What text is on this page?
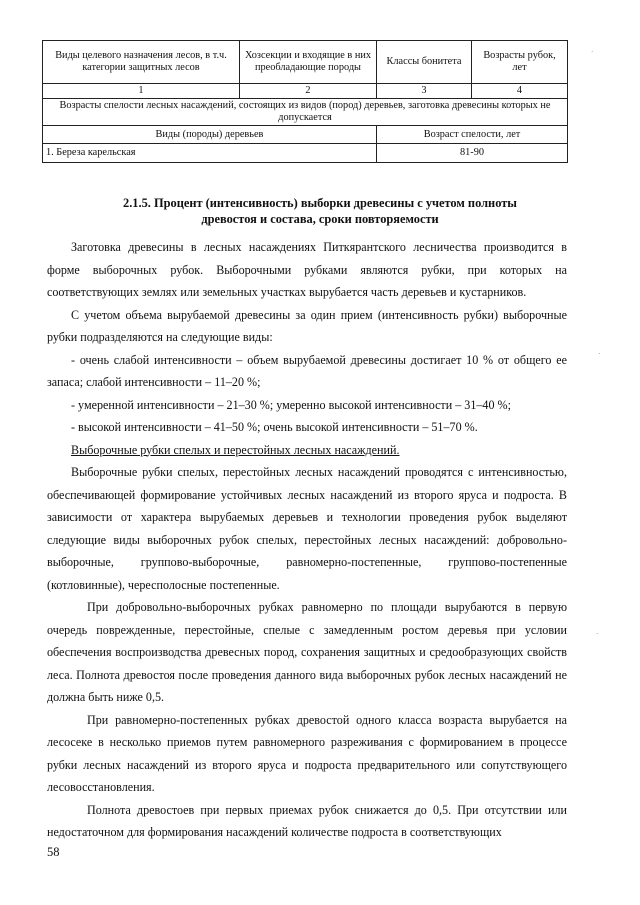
Виды целевого назначения лесов, в т.ч. категории защитных лесов	Хозсекции и входящие в них преобладающие породы	Классы бонитета	Возрасты рубок, лет
1	2	3	4
Возрасты спелости лесных насаждений, состоящих из видов (пород) деревьев, заготовка древесины которых не допускается			
Виды (породы) деревьев		Возраст спелости, лет	
1. Береза карельская		81-90	
2.1.5. Процент (интенсивность) выборки древесины с учетом полноты
древостоя и состава, сроки повторяемости

Заготовка древесины в лесных насаждениях Питкярантского лесничества производится в форме выборочных рубок. Выборочными рубками являются рубки, при которых на соответствующих землях или земельных участках вырубается часть деревьев и кустарников.

С учетом объема вырубаемой древесины за один прием (интенсивность рубки) выборочные рубки подразделяются на следующие виды:

- очень слабой интенсивности – объем вырубаемой древесины достигает 10 % от общего ее запаса; слабой интенсивности – 11–20 %;

- умеренной интенсивности – 21–30 %; умеренно высокой интенсивности – 31–40 %;

- высокой интенсивности – 41–50 %; очень высокой интенсивности – 51–70 %.

Выборочные рубки спелых и перестойных лесных насаждений.

Выборочные рубки спелых, перестойных лесных насаждений проводятся с интенсивностью, обеспечивающей формирование устойчивых лесных насаждений из второго яруса и подроста. В зависимости от характера вырубаемых деревьев и технологии проведения рубок выделяют следующие виды выборочных рубок спелых, перестойных лесных насаждений: добровольно-выборочные, группово-выборочные, равномерно-постепенные, группово-постепенные (котловинные), чересполосные постепенные.

При добровольно-выборочных рубках равномерно по площади вырубаются в первую очередь поврежденные, перестойные, спелые с замедленным ростом деревья при условии обеспечения воспроизводства древесных пород, сохранения защитных и средообразующих свойств леса. Полнота древостоя после проведения данного вида выборочных рубок лесных насаждений не должна быть ниже 0,5.

При равномерно-постепенных рубках древостой одного класса возраста вырубается на лесосеке в несколько приемов путем равномерного разреживания с формированием в процессе рубки лесных насаждений из второго яруса и подроста предварительного или сопутствующего лесовосстановления.

Полнота древостоев при первых приемах рубок снижается до 0,5. При отсутствии или недостаточном для формирования насаждений количестве подроста в соответствующих

58
·
·
·
